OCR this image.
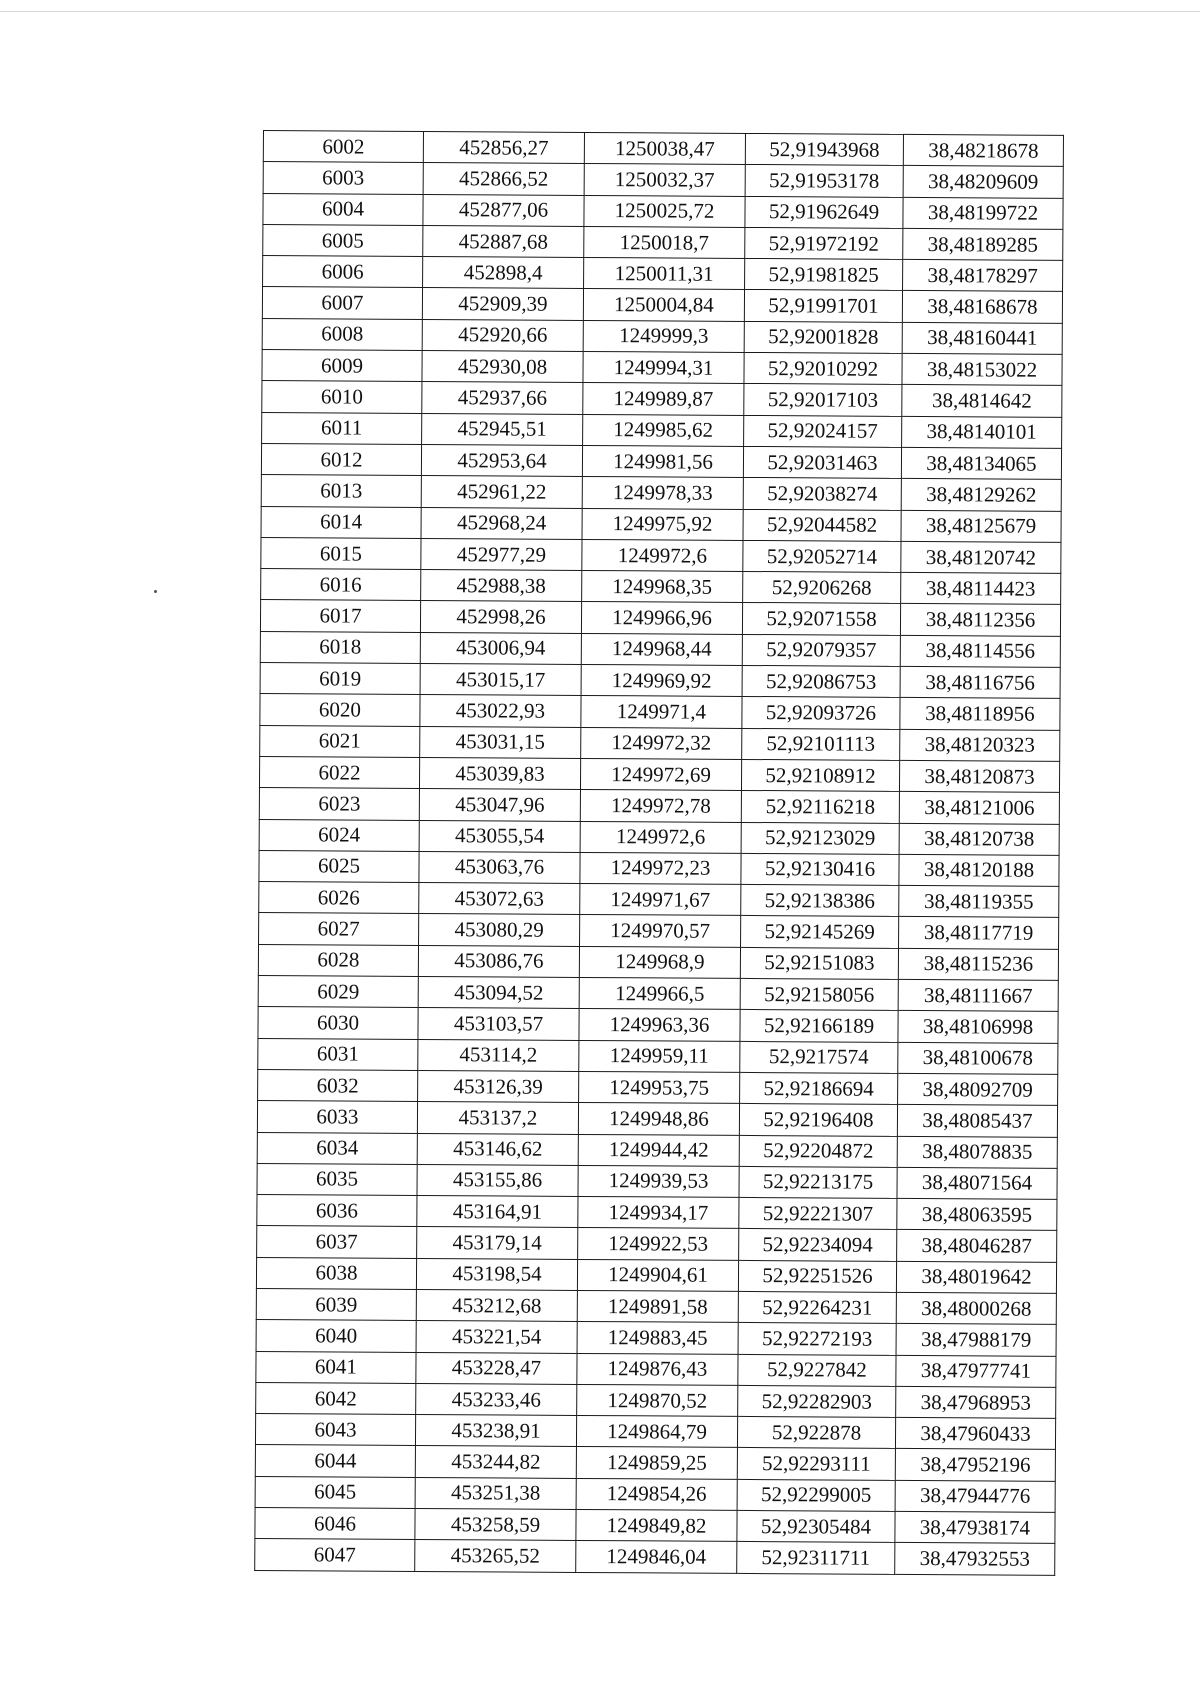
6002	452856,27	1250038,47	52,91943968	38,48218678
6003	452866,52	1250032,37	52,91953178	38,48209609
6004	452877,06	1250025,72	52,91962649	38,48199722
6005	452887,68	1250018,7	52,91972192	38,48189285
6006	452898,4	1250011,31	52,91981825	38,48178297
6007	452909,39	1250004,84	52,91991701	38,48168678
6008	452920,66	1249999,3	52,92001828	38,48160441
6009	452930,08	1249994,31	52,92010292	38,48153022
6010	452937,66	1249989,87	52,92017103	38,4814642
6011	452945,51	1249985,62	52,92024157	38,48140101
6012	452953,64	1249981,56	52,92031463	38,48134065
6013	452961,22	1249978,33	52,92038274	38,48129262
6014	452968,24	1249975,92	52,92044582	38,48125679
6015	452977,29	1249972,6	52,92052714	38,48120742
6016	452988,38	1249968,35	52,9206268	38,48114423
6017	452998,26	1249966,96	52,92071558	38,48112356
6018	453006,94	1249968,44	52,92079357	38,48114556
6019	453015,17	1249969,92	52,92086753	38,48116756
6020	453022,93	1249971,4	52,92093726	38,48118956
6021	453031,15	1249972,32	52,92101113	38,48120323
6022	453039,83	1249972,69	52,92108912	38,48120873
6023	453047,96	1249972,78	52,92116218	38,48121006
6024	453055,54	1249972,6	52,92123029	38,48120738
6025	453063,76	1249972,23	52,92130416	38,48120188
6026	453072,63	1249971,67	52,92138386	38,48119355
6027	453080,29	1249970,57	52,92145269	38,48117719
6028	453086,76	1249968,9	52,92151083	38,48115236
6029	453094,52	1249966,5	52,92158056	38,48111667
6030	453103,57	1249963,36	52,92166189	38,48106998
6031	453114,2	1249959,11	52,9217574	38,48100678
6032	453126,39	1249953,75	52,92186694	38,48092709
6033	453137,2	1249948,86	52,92196408	38,48085437
6034	453146,62	1249944,42	52,92204872	38,48078835
6035	453155,86	1249939,53	52,92213175	38,48071564
6036	453164,91	1249934,17	52,92221307	38,48063595
6037	453179,14	1249922,53	52,92234094	38,48046287
6038	453198,54	1249904,61	52,92251526	38,48019642
6039	453212,68	1249891,58	52,92264231	38,48000268
6040	453221,54	1249883,45	52,92272193	38,47988179
6041	453228,47	1249876,43	52,9227842	38,47977741
6042	453233,46	1249870,52	52,92282903	38,47968953
6043	453238,91	1249864,79	52,922878	38,47960433
6044	453244,82	1249859,25	52,92293111	38,47952196
6045	453251,38	1249854,26	52,92299005	38,47944776
6046	453258,59	1249849,82	52,92305484	38,47938174
6047	453265,52	1249846,04	52,92311711	38,47932553
